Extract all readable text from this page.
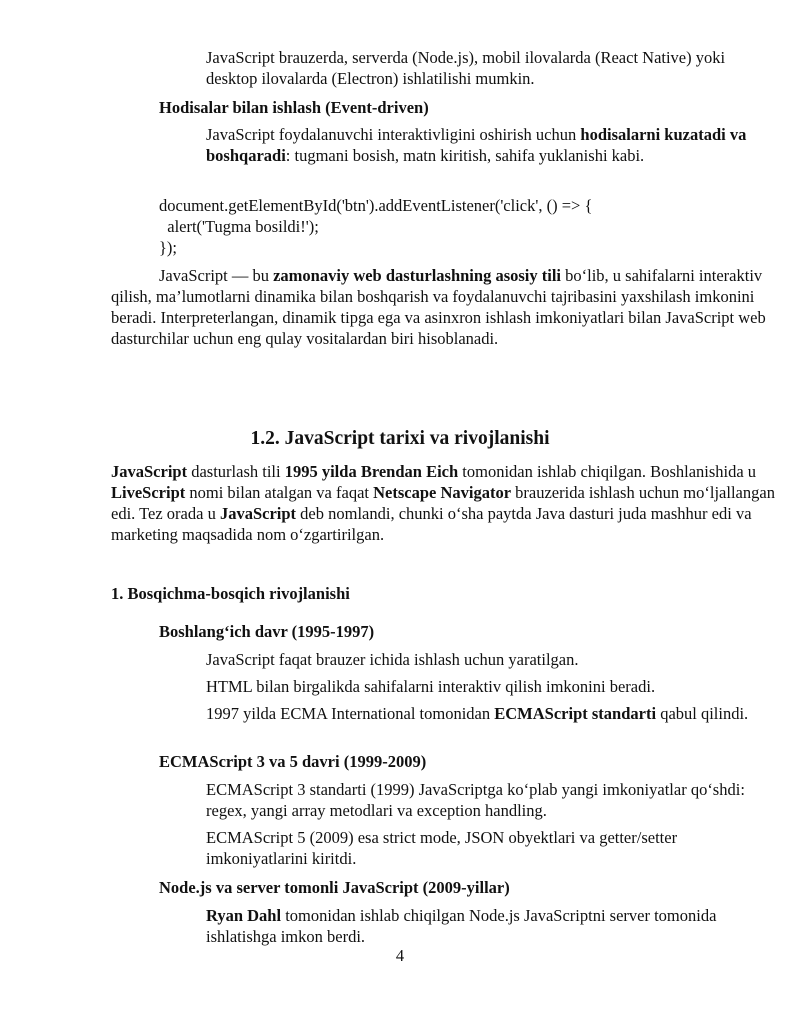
JavaScript brauzerda, serverda (Node.js), mobil ilovalarda (React Native) yoki desktop ilovalarda (Electron) ishlatilishi mumkin.

Hodisalar bilan ishlash (Event-driven)

JavaScript foydalanuvchi interaktivligini oshirish uchun hodisalarni kuzatadi va boshqaradi: tugmani bosish, matn kiritish, sahifa yuklanishi kabi.

document.getElementById('btn').addEventListener('click', () => {
alert('Tugma bosildi!');
});

JavaScript — bu zamonaviy web dasturlashning asosiy tili bo‘lib, u sahifalarni interaktiv qilish, ma’lumotlarni dinamika bilan boshqarish va foydalanuvchi tajribasini yaxshilash imkonini beradi. Interpreterlangan, dinamik tipga ega va asinxron ishlash imkoniyatlari bilan JavaScript web dasturchilar uchun eng qulay vositalardan biri hisoblanadi.

1.2. JavaScript tarixi va rivojlanishi

JavaScript dasturlash tili 1995 yilda Brendan Eich tomonidan ishlab chiqilgan. Boshlanishida u LiveScript nomi bilan atalgan va faqat Netscape Navigator brauzerida ishlash uchun mo‘ljallangan edi. Tez orada u JavaScript deb nomlandi, chunki o‘sha paytda Java dasturi juda mashhur edi va marketing maqsadida nom o‘zgartirilgan.

1. Bosqichma-bosqich rivojlanishi

Boshlang‘ich davr (1995-1997)

JavaScript faqat brauzer ichida ishlash uchun yaratilgan.

HTML bilan birgalikda sahifalarni interaktiv qilish imkonini beradi.

1997 yilda ECMA International tomonidan ECMAScript standarti qabul qilindi.

ECMAScript 3 va 5 davri (1999-2009)

ECMAScript 3 standarti (1999) JavaScriptga ko‘plab yangi imkoniyatlar qo‘shdi: regex, yangi array metodlari va exception handling.

ECMAScript 5 (2009) esa strict mode, JSON obyektlari va getter/setter imkoniyatlarini kiritdi.

Node.js va server tomonli JavaScript (2009-yillar)

Ryan Dahl tomonidan ishlab chiqilgan Node.js JavaScriptni server tomonida ishlatishga imkon berdi.

4
